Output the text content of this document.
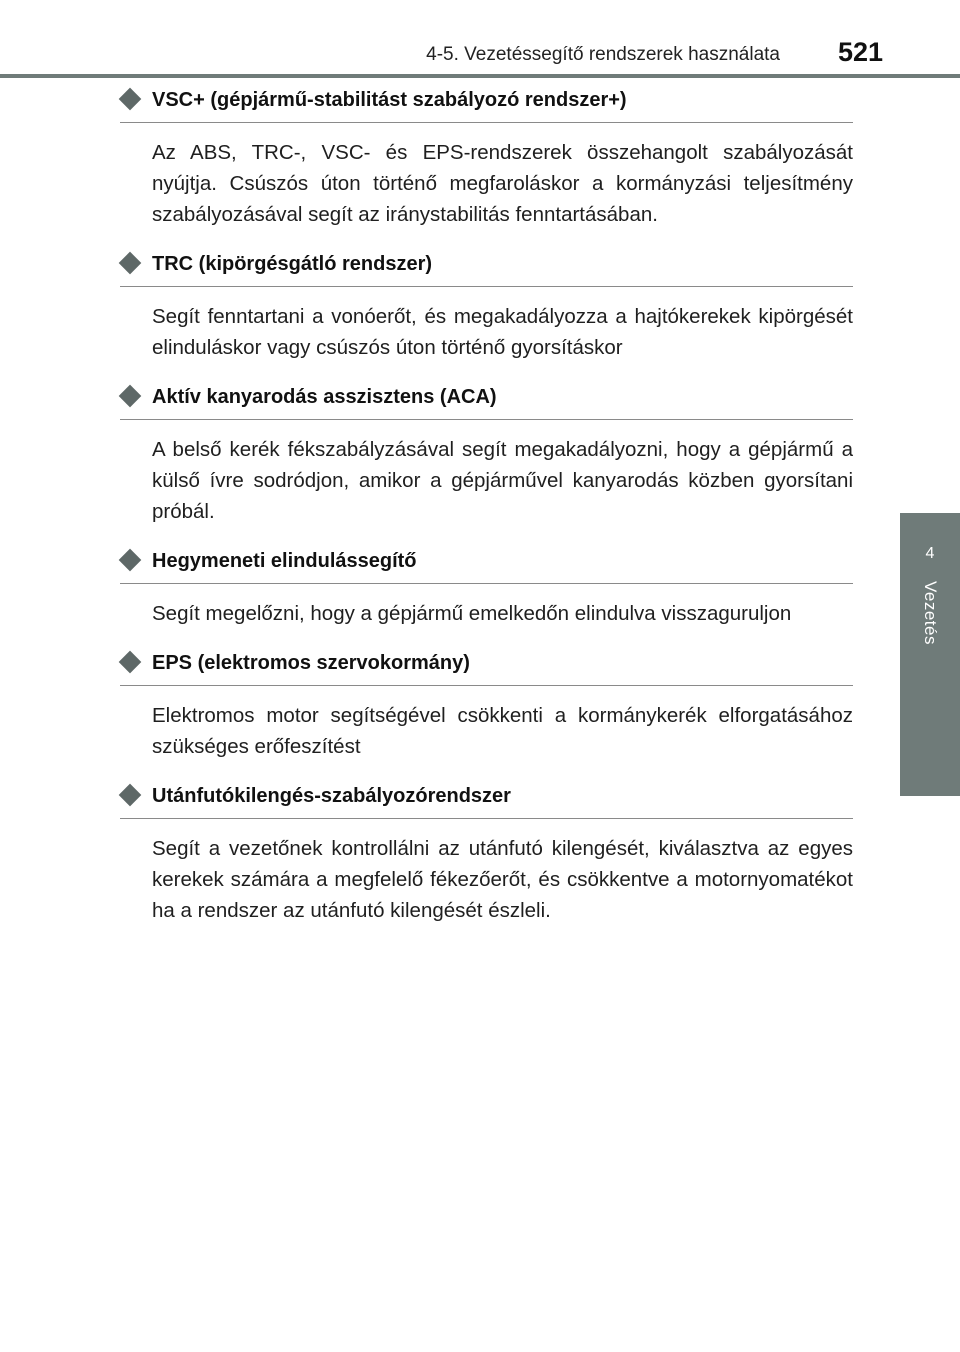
4-5. Vezetéssegítő rendszerek használata 521
4
Vezetés
VSC+ (gépjármű-stabilitást szabályozó rendszer+)

Az ABS, TRC-, VSC- és EPS-rendszerek összehangolt szabályozását nyújtja. Csúszós úton történő megfaroláskor a kormányzási teljesítmény szabályozásával segít az iránystabilitás fenntartásában.

TRC (kipörgésgátló rendszer)

Segít fenntartani a vonóerőt, és megakadályozza a hajtókerekek kipörgését elinduláskor vagy csúszós úton történő gyorsításkor

Aktív kanyarodás asszisztens (ACA)

A belső kerék fékszabályzásával segít megakadályozni, hogy a gépjármű a külső ívre sodródjon, amikor a gépjárművel kanyarodás közben gyorsítani próbál.

Hegymeneti elindulássegítő

Segít megelőzni, hogy a gépjármű emelkedőn elindulva visszaguruljon

EPS (elektromos szervokormány)

Elektromos motor segítségével csökkenti a kormánykerék elforgatásához szükséges erőfeszítést

Utánfutókilengés-szabályozórendszer

Segít a vezetőnek kontrollálni az utánfutó kilengését, kiválasztva az egyes kerekek számára a megfelelő fékezőerőt, és csökkentve a motornyomatékot ha a rendszer az utánfutó kilengését észleli.
